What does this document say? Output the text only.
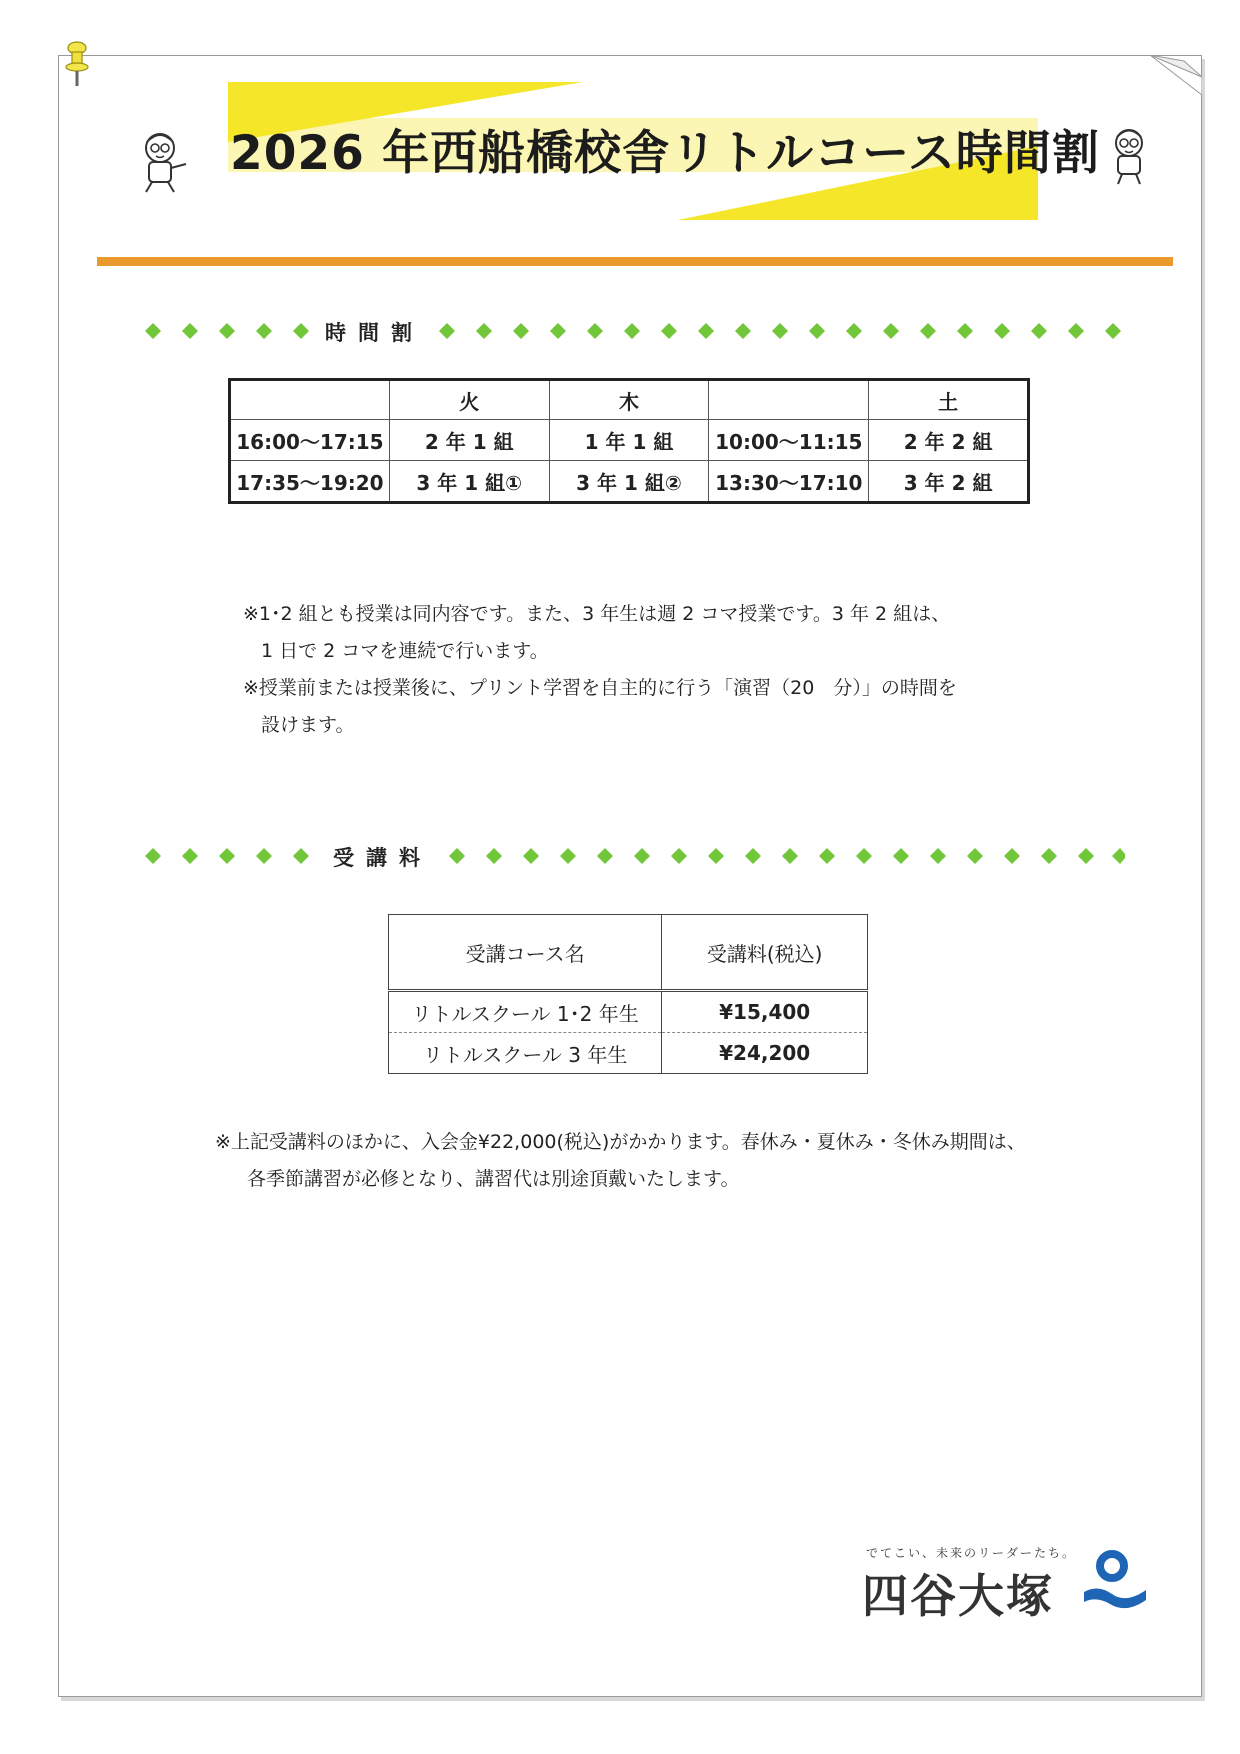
2026 年西船橋校舎リトルコース時間割
時間割
	火	木		土
16:00～17:15	2 年 1 組	1 年 1 組	10:00～11:15	2 年 2 組
17:35～19:20	3 年 1 組①	3 年 1 組②	13:30～17:10	3 年 2 組

※1･2 組とも授業は同内容です。また、3 年生は週 2 コマ授業です。3 年 2 組は、

1 日で 2 コマを連続で行います。

※授業前または授業後に、プリント学習を自主的に行う「演習（20　分）」の時間を

設けます。

受講料
受講コース名	受講料(税込)
リトルスクール 1･2 年生	¥15,400
リトルスクール 3 年生	¥24,200

※上記受講料のほかに、入会金¥22,000(税込)がかかります。春休み・夏休み・冬休み期間は、

各季節講習が必修となり、講習代は別途頂戴いたします。

でてこい、未来のリーダーたち。
四谷大塚
